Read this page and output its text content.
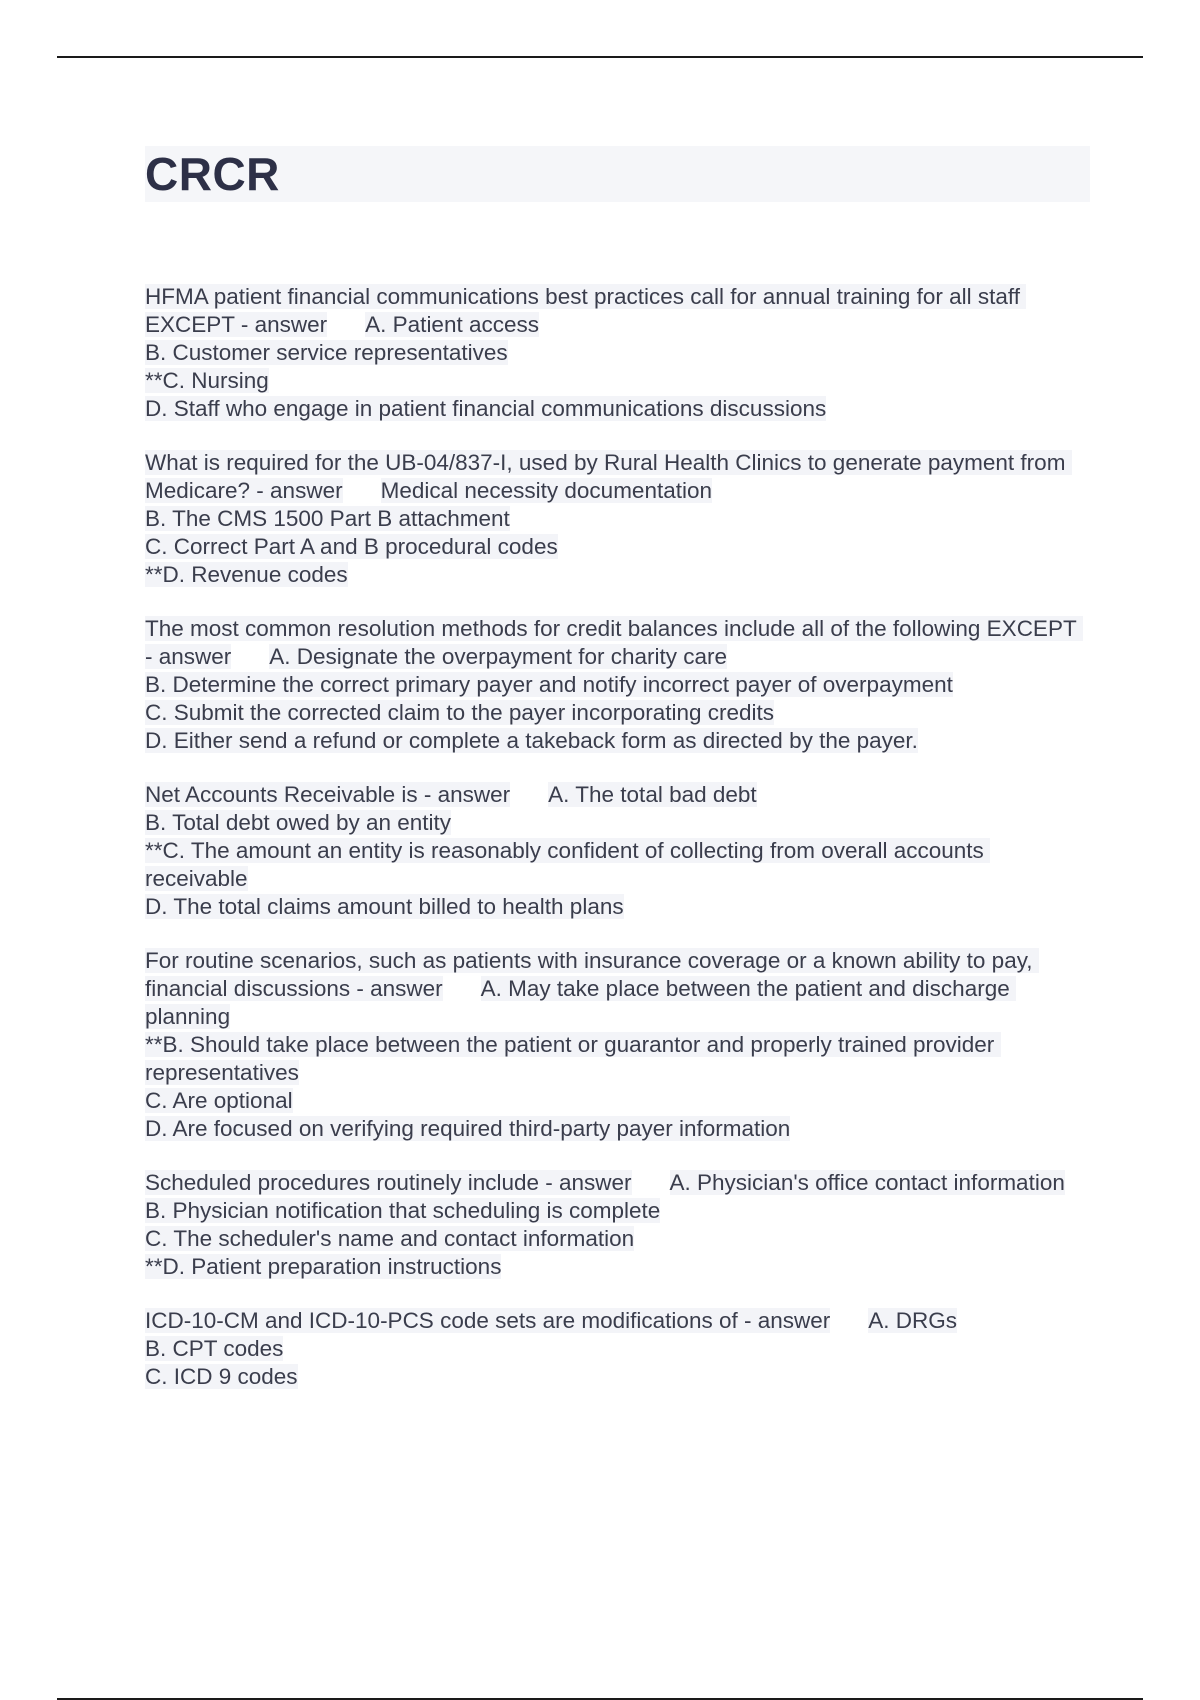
CRCR
HFMA patient financial communications best practices call for annual training for all staff EXCEPT - answer A. Patient access
B. Customer service representatives
**C. Nursing
D. Staff who engage in patient financial communications discussions
What is required for the UB-04/837-I, used by Rural Health Clinics to generate payment from Medicare? - answer Medical necessity documentation
B. The CMS 1500 Part B attachment
C. Correct Part A and B procedural codes
**D. Revenue codes
The most common resolution methods for credit balances include all of the following EXCEPT - answer A. Designate the overpayment for charity care
B. Determine the correct primary payer and notify incorrect payer of overpayment
C. Submit the corrected claim to the payer incorporating credits
D. Either send a refund or complete a takeback form as directed by the payer.
Net Accounts Receivable is - answer A. The total bad debt
B. Total debt owed by an entity
**C. The amount an entity is reasonably confident of collecting from overall accounts receivable
D. The total claims amount billed to health plans
For routine scenarios, such as patients with insurance coverage or a known ability to pay, financial discussions - answer A. May take place between the patient and discharge planning
**B. Should take place between the patient or guarantor and properly trained provider representatives
C. Are optional
D. Are focused on verifying required third-party payer information
Scheduled procedures routinely include - answer A. Physician's office contact information
B. Physician notification that scheduling is complete
C. The scheduler's name and contact information
**D. Patient preparation instructions
ICD-10-CM and ICD-10-PCS code sets are modifications of - answer A. DRGs
B. CPT codes
C. ICD 9 codes
